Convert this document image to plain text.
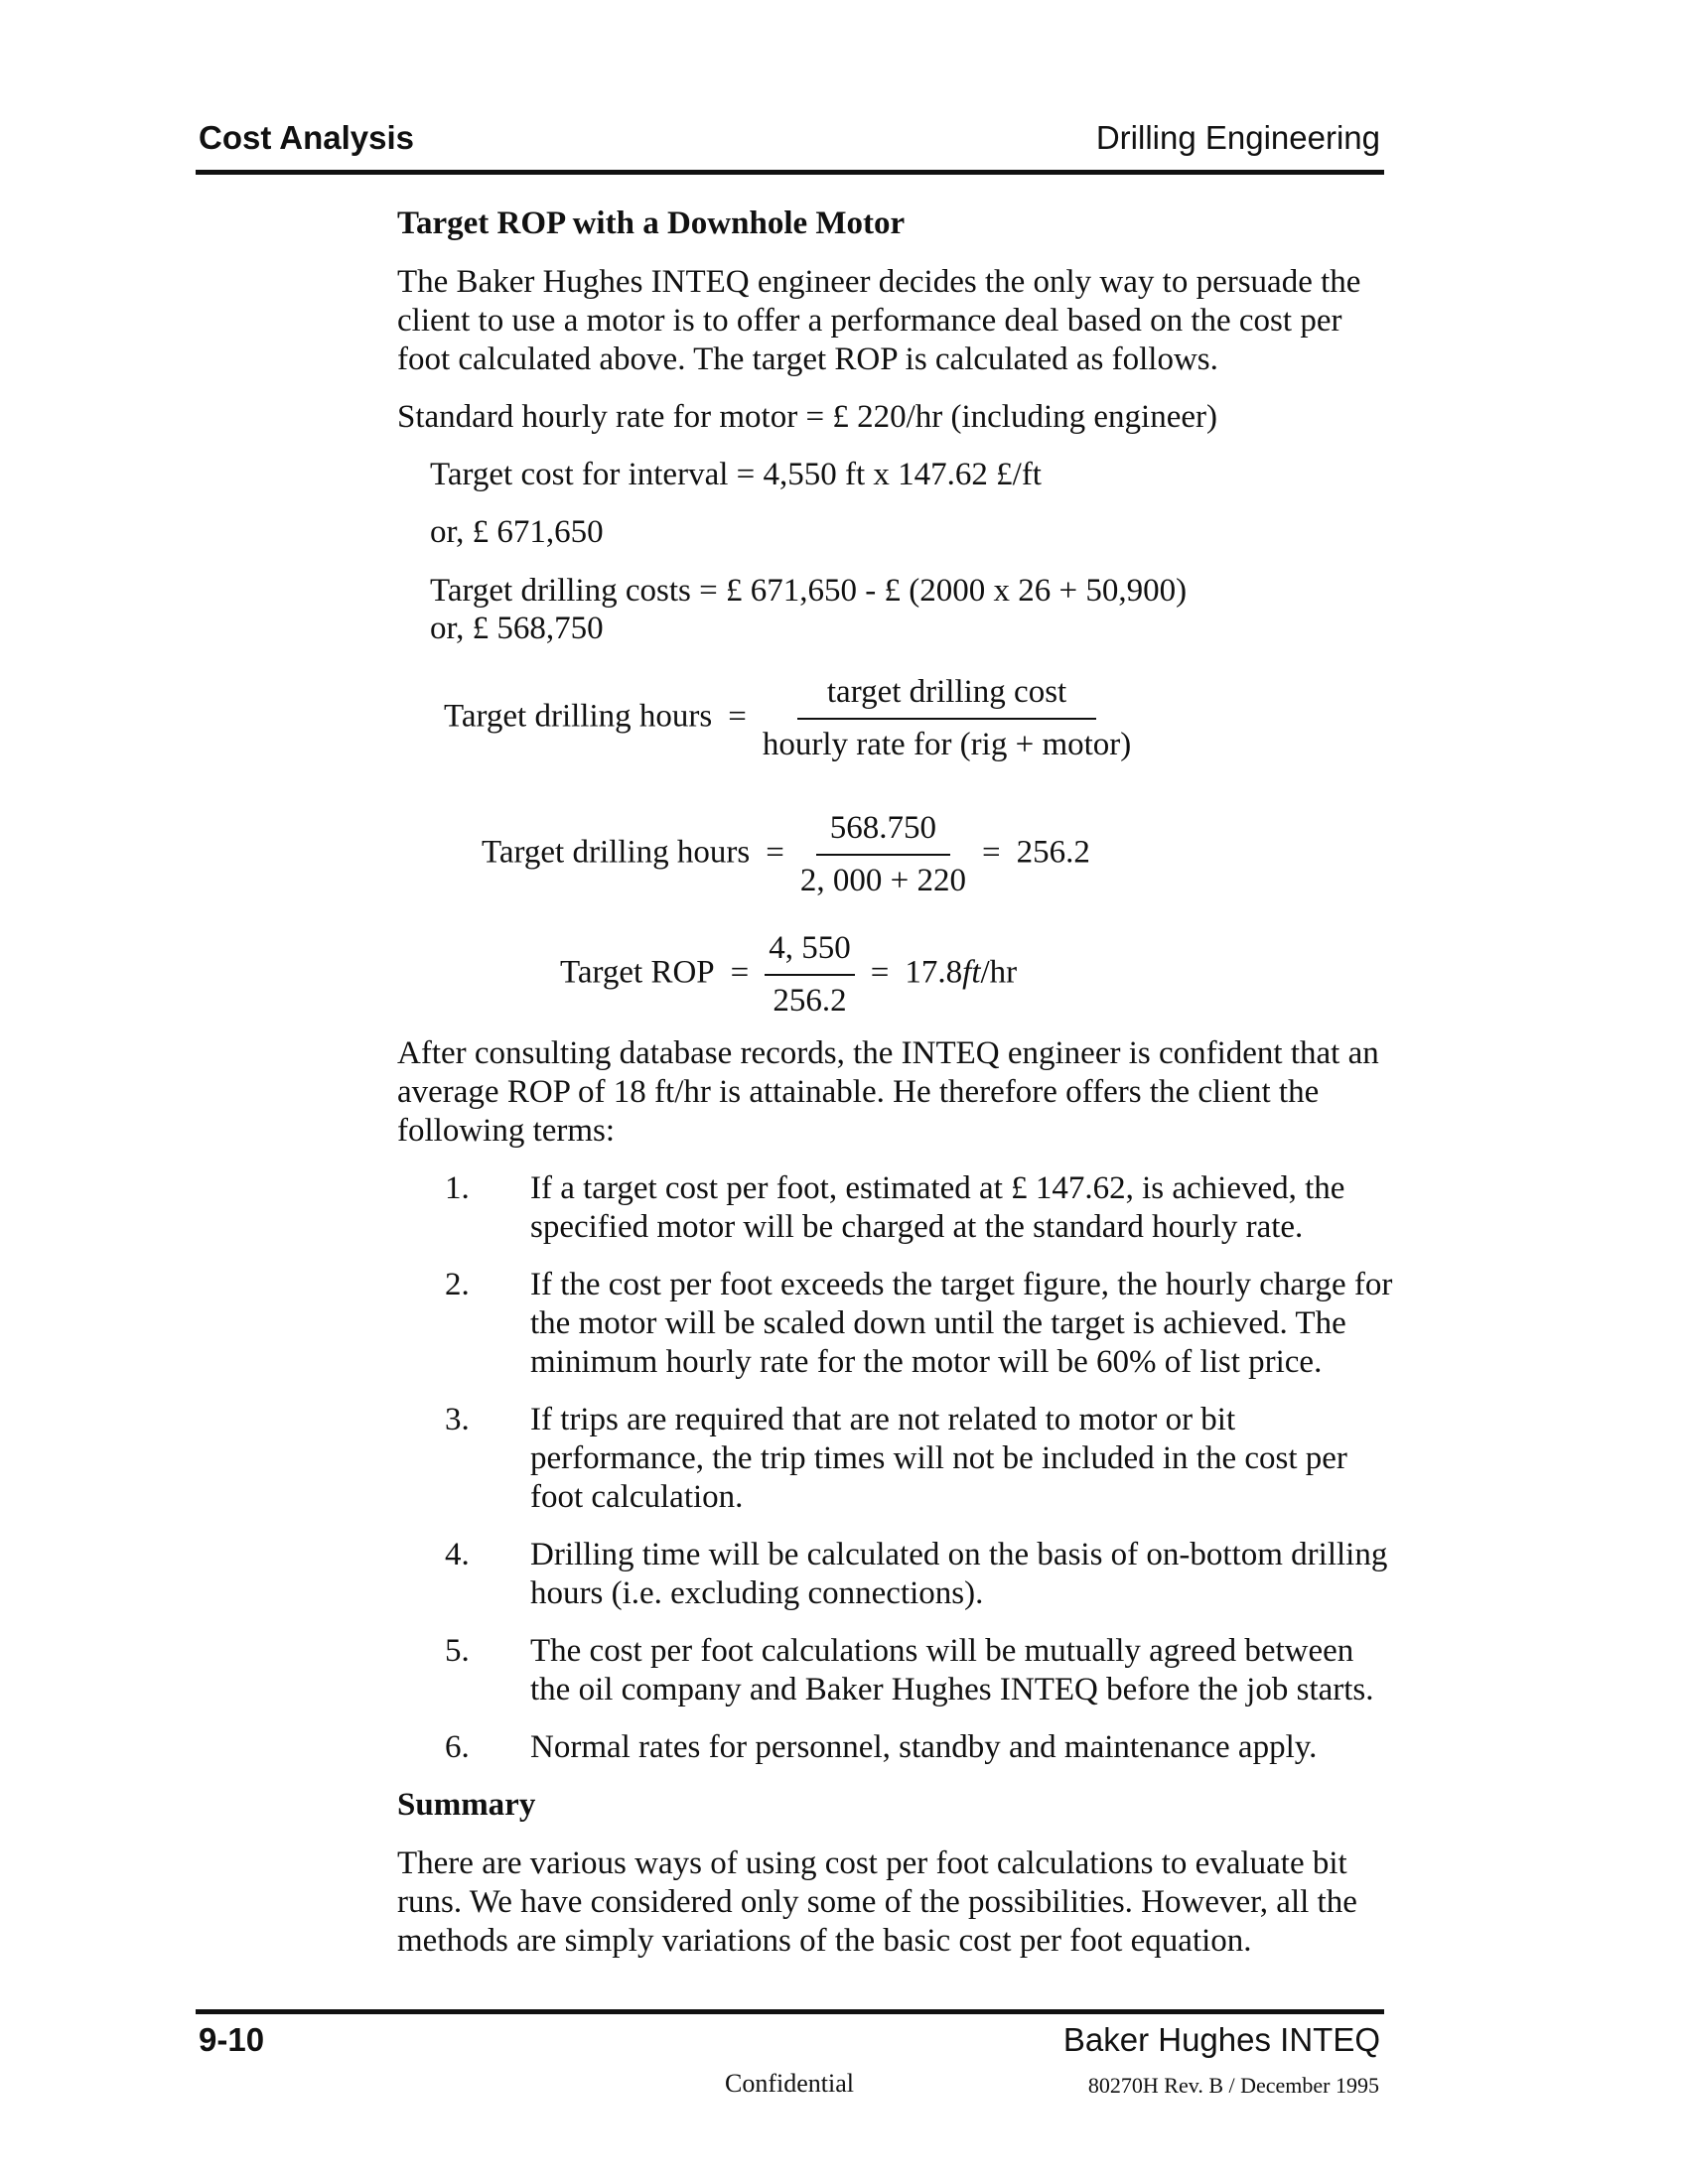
Cost Analysis	Drilling Engineering
Target ROP with a Downhole Motor
The Baker Hughes INTEQ engineer decides the only way to persuade the client to use a motor is to offer a performance deal based on the cost per foot calculated above. The target ROP is calculated as follows.
Standard hourly rate for motor = £ 220/hr (including engineer)
Target cost for interval = 4,550 ft x 147.62 £/ft
or, £ 671,650
Target drilling costs = £ 671,650 - £ (2000 x 26 + 50,900)
or, £ 568,750
Target drilling hours = $\frac{\text{target drilling cost}}{\text{hourly rate for (rig + motor)}}$
Target drilling hours = $\frac{568.750}{2, 000 + 220} = 256.2$
Target ROP = $\frac{4, 550}{256.2} = 17.8ft/hr$
After consulting database records, the INTEQ engineer is confident that an average ROP of 18 ft/hr is attainable. He therefore offers the client the following terms:
1. If a target cost per foot, estimated at £ 147.62, is achieved, the specified motor will be charged at the standard hourly rate.
2. If the cost per foot exceeds the target figure, the hourly charge for the motor will be scaled down until the target is achieved. The minimum hourly rate for the motor will be 60% of list price.
3. If trips are required that are not related to motor or bit performance, the trip times will not be included in the cost per foot calculation.
4. Drilling time will be calculated on the basis of on-bottom drilling hours (i.e. excluding connections).
5. The cost per foot calculations will be mutually agreed between the oil company and Baker Hughes INTEQ before the job starts.
6. Normal rates for personnel, standby and maintenance apply.
Summary
There are various ways of using cost per foot calculations to evaluate bit runs. We have considered only some of the possibilities. However, all the methods are simply variations of the basic cost per foot equation.
9-10	Baker Hughes INTEQ
Confidential	80270H Rev. B / December 1995
